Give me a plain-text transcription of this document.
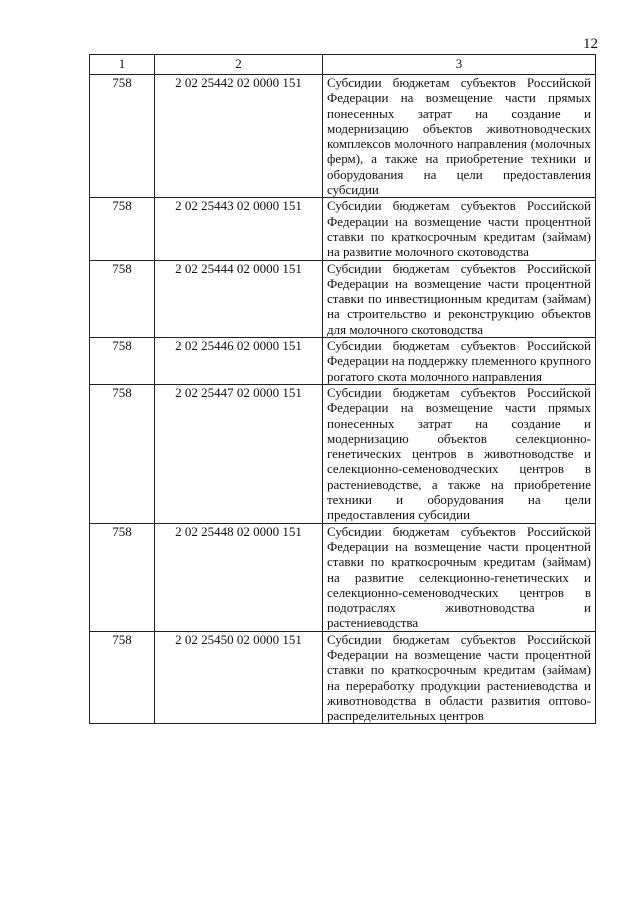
12
1	2	3
758	2 02 25442 02 0000 151	Субсидии бюджетам субъектов Российской Федерации на возмещение части прямых понесенных затрат на создание и модернизацию объектов животноводческих комплексов молочного направления (молочных ферм), а также на приобретение техники и оборудования на цели предоставления субсидии
758	2 02 25443 02 0000 151	Субсидии бюджетам субъектов Российской Федерации на возмещение части процентной ставки по краткосрочным кредитам (займам) на развитие молочного скотоводства
758	2 02 25444 02 0000 151	Субсидии бюджетам субъектов Российской Федерации на возмещение части процентной ставки по инвестиционным кредитам (займам) на строительство и реконструкцию объектов для молочного скотоводства
758	2 02 25446 02 0000 151	Субсидии бюджетам субъектов Российской Федерации на поддержку племенного крупного рогатого скота молочного направления
758	2 02 25447 02 0000 151	Субсидии бюджетам субъектов Российской Федерации на возмещение части прямых понесенных затрат на создание и модернизацию объектов селекционно-генетических центров в животноводстве и селекционно-семеноводческих центров в растениеводстве, а также на приобретение техники и оборудования на цели предоставления субсидии
758	2 02 25448 02 0000 151	Субсидии бюджетам субъектов Российской Федерации на возмещение части процентной ставки по краткосрочным кредитам (займам) на развитие селекционно-генетических и селекционно-семеноводческих центров в подотраслях животноводства и растениеводства
758	2 02 25450 02 0000 151	Субсидии бюджетам субъектов Российской Федерации на возмещение части процентной ставки по краткосрочным кредитам (займам) на переработку продукции растениеводства и животноводства в области развития оптово-распределительных центров
